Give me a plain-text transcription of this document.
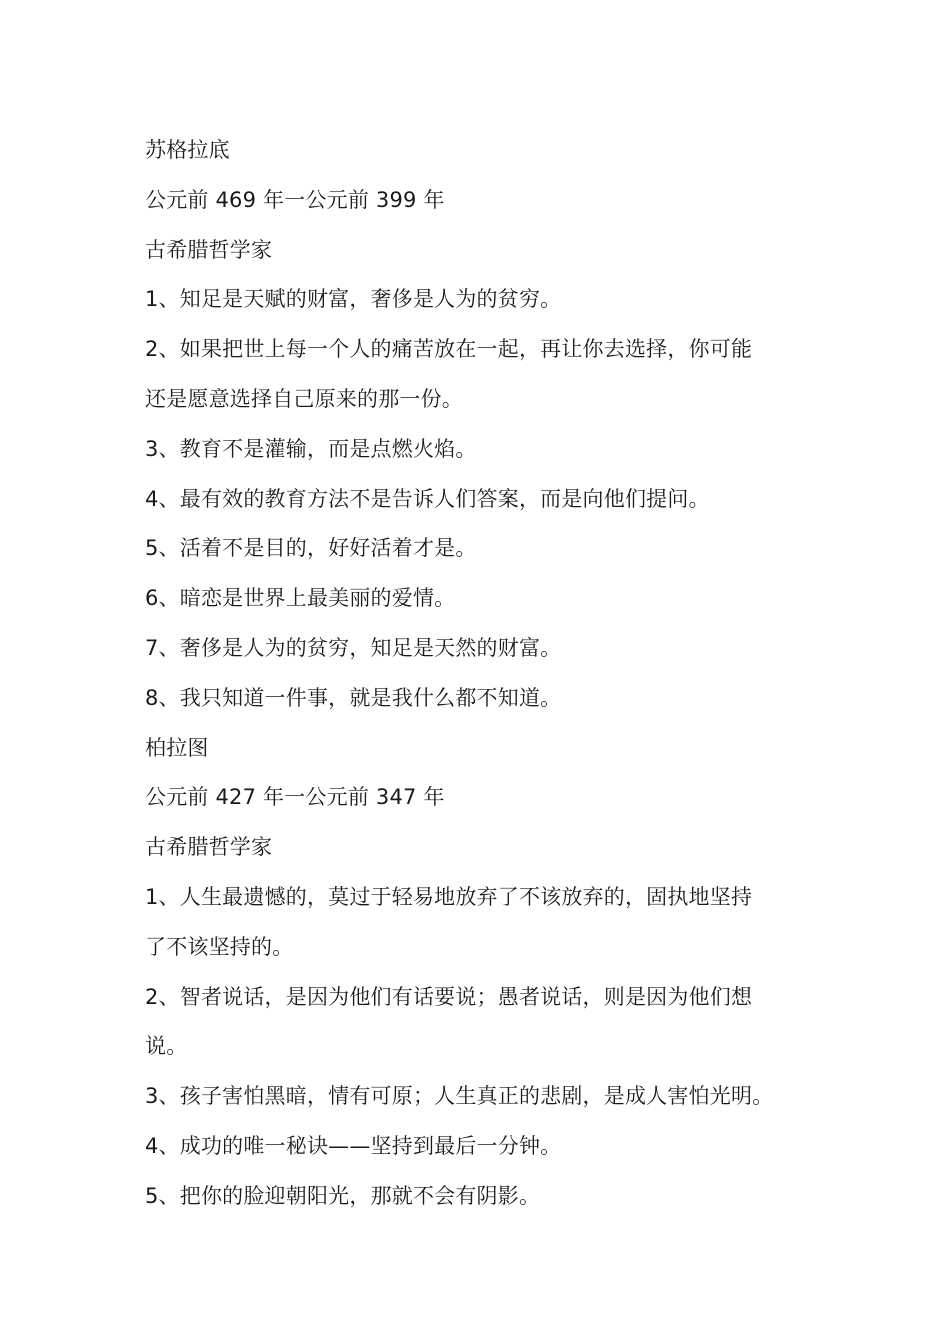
苏格拉底
公元前 469 年一公元前 399 年
古希腊哲学家
1、知足是天赋的财富，奢侈是人为的贫穷。
2、如果把世上每一个人的痛苦放在一起，再让你去选择，你可能
还是愿意选择自己原来的那一份。
3、教育不是灌输，而是点燃火焰。
4、最有效的教育方法不是告诉人们答案，而是向他们提问。
5、活着不是目的，好好活着才是。
6、暗恋是世界上最美丽的爱情。
7、奢侈是人为的贫穷，知足是天然的财富。
8、我只知道一件事，就是我什么都不知道。
柏拉图
公元前 427 年一公元前 347 年
古希腊哲学家
1、人生最遗憾的，莫过于轻易地放弃了不该放弃的，固执地坚持
了不该坚持的。
2、智者说话，是因为他们有话要说；愚者说话，则是因为他们想
说。
3、孩子害怕黑暗，情有可原；人生真正的悲剧，是成人害怕光明。
4、成功的唯一秘诀——坚持到最后一分钟。
5、把你的脸迎朝阳光，那就不会有阴影。
